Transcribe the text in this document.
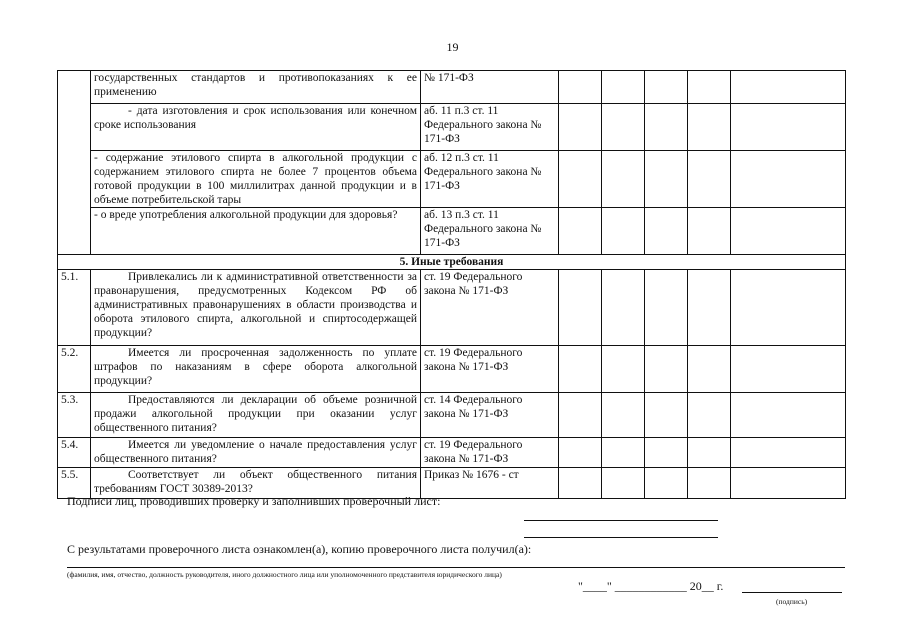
19
	государственных стандартов и противопоказаниях к ее применению	№ 171-ФЗ					
	- дата изготовления и срок использования или конечном сроке использования	аб. 11 п.3 ст. 11 Федерального закона № 171-ФЗ					
	- содержание этилового спирта в алкогольной продукции с содержанием этилового спирта не более 7 процентов объема готовой продукции в 100 миллилитрах данной продукции и в объеме потребительской тары	аб. 12 п.3 ст. 11 Федерального закона № 171-ФЗ					
	- о вреде употребления алкогольной продукции для здоровья?	аб. 13 п.3 ст. 11 Федерального закона № 171-ФЗ					
5. Иные требования							
5.1.	Привлекались ли к административной ответственности за правонарушения, предусмотренных Кодексом РФ об административных правонарушениях в области производства и оборота этилового спирта, алкогольной и спиртосодержащей продукции?	ст. 19 Федерального закона № 171-ФЗ					
5.2.	Имеется ли просроченная задолженность по уплате штрафов по наказаниям в сфере оборота алкогольной продукции?	ст. 19 Федерального закона № 171-ФЗ					
5.3.	Предоставляются ли декларации об объеме розничной продажи алкогольной продукции при оказании услуг общественного питания?	ст. 14 Федерального закона № 171-ФЗ					
5.4.	Имеется ли уведомление о начале предоставления услуг общественного питания?	ст. 19 Федерального закона № 171-ФЗ					
5.5.	Соответствует ли объект общественного питания требованиям ГОСТ 30389-2013?	Приказ № 1676 - ст					
Подписи лиц, проводивших проверку и заполнивших проверочный лист:
С результатами проверочного листа ознакомлен(а), копию проверочного листа получил(а):
(фамилия, имя, отчество, должность руководителя, иного должностного лица или уполномоченного представителя юридического лица)
"____" ____________ 20__ г.
(подпись)
